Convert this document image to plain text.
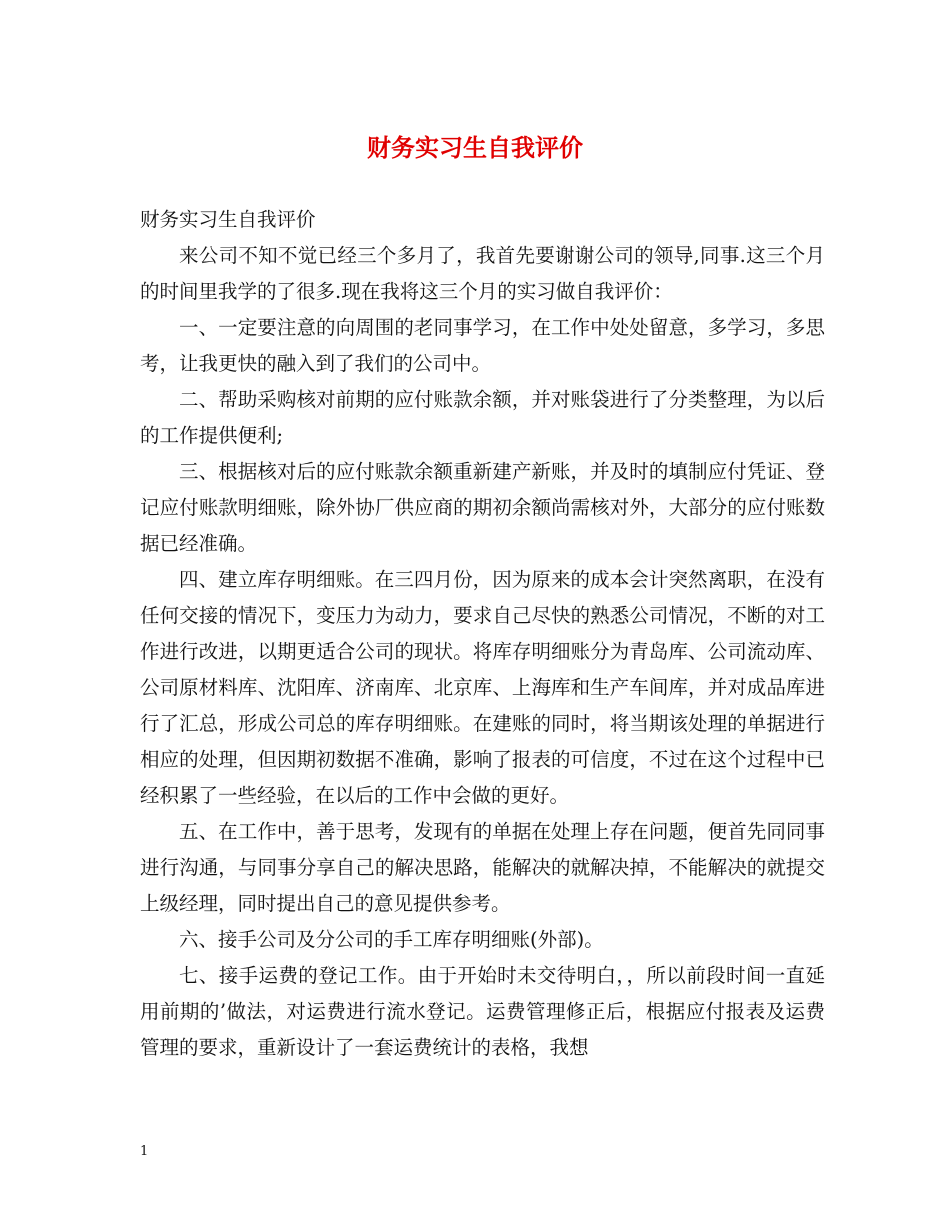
财务实习生自我评价

财务实习生自我评价

来公司不知不觉已经三个多月了，我首先要谢谢公司的领导,同事.这三个月的时间里我学的了很多.现在我将这三个月的实习做自我评价：

一、一定要注意的向周围的老同事学习，在工作中处处留意，多学习，多思考，让我更快的融入到了我们的公司中。

二、帮助采购核对前期的应付账款余额，并对账袋进行了分类整理，为以后的工作提供便利;

三、根据核对后的应付账款余额重新建产新账，并及时的填制应付凭证、登记应付账款明细账，除外协厂供应商的期初余额尚需核对外，大部分的应付账数据已经准确。

四、建立库存明细账。在三四月份，因为原来的成本会计突然离职，在没有任何交接的情况下，变压力为动力，要求自己尽快的熟悉公司情况，不断的对工作进行改进，以期更适合公司的现状。将库存明细账分为青岛库、公司流动库、公司原材料库、沈阳库、济南库、北京库、上海库和生产车间库，并对成品库进行了汇总，形成公司总的库存明细账。在建账的同时，将当期该处理的单据进行相应的处理，但因期初数据不准确，影响了报表的可信度，不过在这个过程中已经积累了一些经验，在以后的工作中会做的更好。

五、在工作中，善于思考，发现有的单据在处理上存在问题，便首先同同事进行沟通，与同事分享自己的解决思路，能解决的就解决掉，不能解决的就提交上级经理，同时提出自己的意见提供参考。

六、接手公司及分公司的手工库存明细账(外部)。

七、接手运费的登记工作。由于开始时未交待明白，，所以前段时间一直延用前期的’做法，对运费进行流水登记。运费管理修正后，根据应付报表及运费管理的要求，重新设计了一套运费统计的表格，我想

1
